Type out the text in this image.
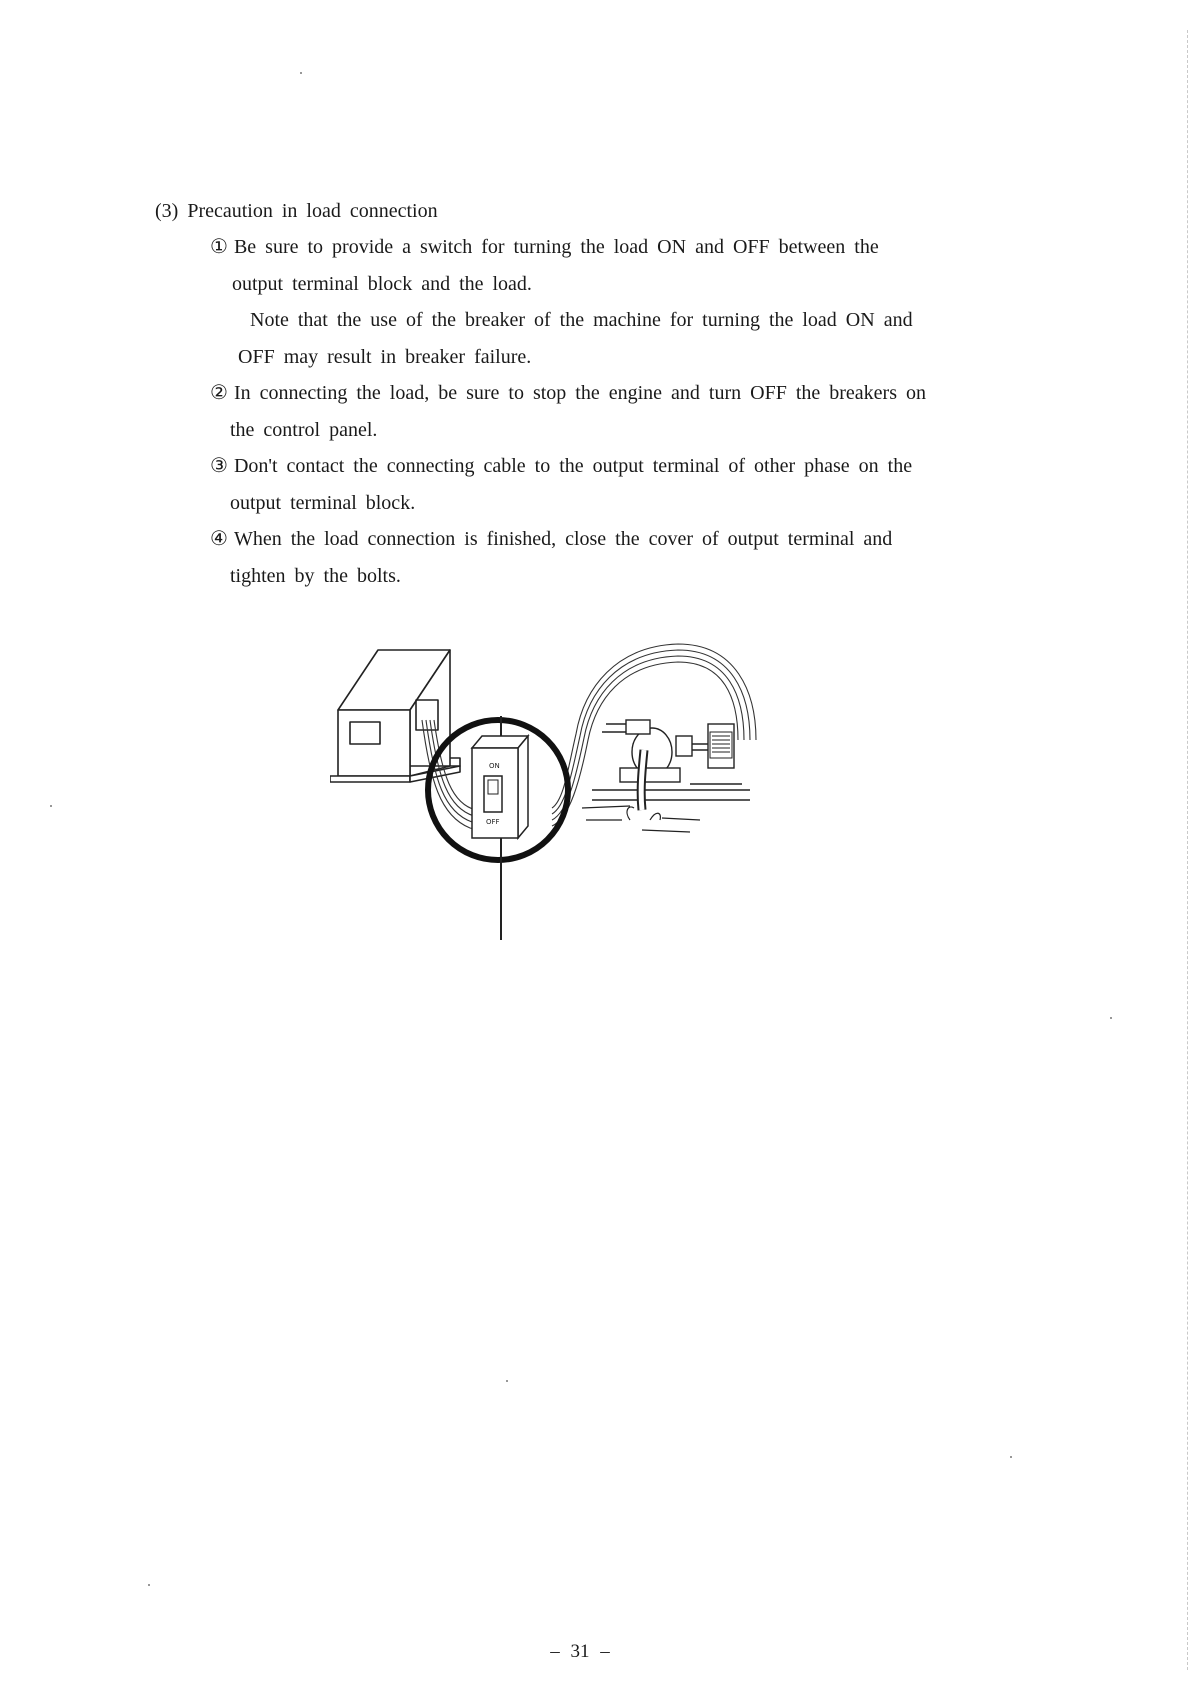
(3) Precaution in load connection
① Be sure to provide a switch for turning the load ON and OFF between the
output terminal block and the load.
Note that the use of the breaker of the machine for turning the load ON and
OFF may result in breaker failure.
② In connecting the load, be sure to stop the engine and turn OFF the breakers on
the control panel.
③ Don't contact the connecting cable to the output terminal of other phase on the
output terminal block.
④ When the load connection is finished, close the cover of output terminal and
tighten by the bolts.
ON
OFF
– 31 –
